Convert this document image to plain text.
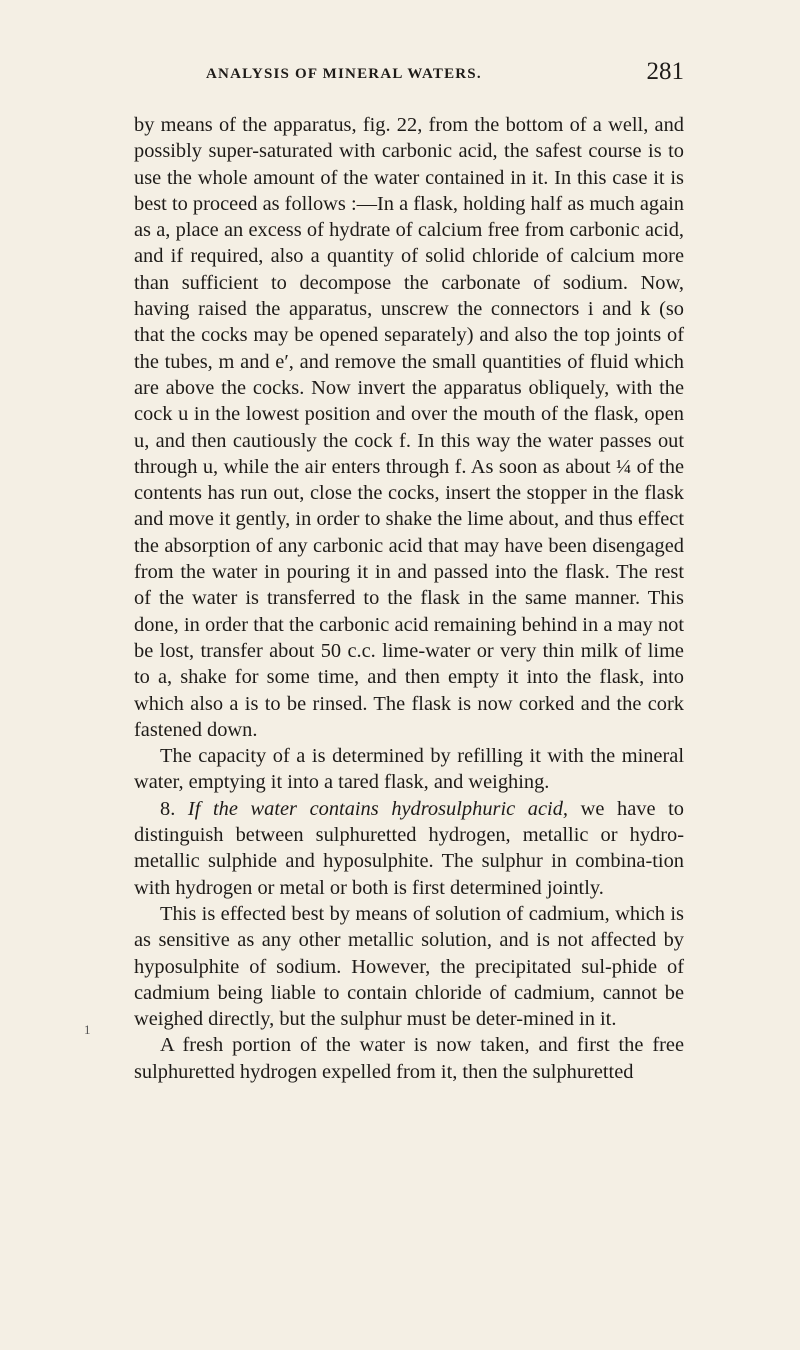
ANALYSIS OF MINERAL WATERS.	281
1

by means of the apparatus, fig. 22, from the bottom of a well, and possibly super-saturated with carbonic acid, the safest course is to use the whole amount of the water contained in it. In this case it is best to proceed as follows :—In a flask, holding half as much again as a, place an excess of hydrate of calcium free from carbonic acid, and if required, also a quantity of solid chloride of calcium more than sufficient to decompose the carbonate of sodium. Now, having raised the apparatus, unscrew the connectors i and k (so that the cocks may be opened separately) and also the top joints of the tubes, m and e′, and remove the small quantities of fluid which are above the cocks. Now invert the apparatus obliquely, with the cock u in the lowest position and over the mouth of the flask, open u, and then cautiously the cock f. In this way the water passes out through u, while the air enters through f. As soon as about ¼ of the contents has run out, close the cocks, insert the stopper in the flask and move it gently, in order to shake the lime about, and thus effect the absorption of any carbonic acid that may have been disengaged from the water in pouring it in and passed into the flask. The rest of the water is transferred to the flask in the same manner. This done, in order that the carbonic acid remaining behind in a may not be lost, transfer about 50 c.c. lime-water or very thin milk of lime to a, shake for some time, and then empty it into the flask, into which also a is to be rinsed. The flask is now corked and the cork fastened down.

The capacity of a is determined by refilling it with the mineral water, emptying it into a tared flask, and weighing.

8. If the water contains hydrosulphuric acid, we have to distinguish between sulphuretted hydrogen, metallic or hydro-metallic sulphide and hyposulphite. The sulphur in combina-tion with hydrogen or metal or both is first determined jointly.

This is effected best by means of solution of cadmium, which is as sensitive as any other metallic solution, and is not affected by hyposulphite of sodium. However, the precipitated sul-phide of cadmium being liable to contain chloride of cadmium, cannot be weighed directly, but the sulphur must be deter-mined in it.

A fresh portion of the water is now taken, and first the free sulphuretted hydrogen expelled from it, then the sulphuretted
